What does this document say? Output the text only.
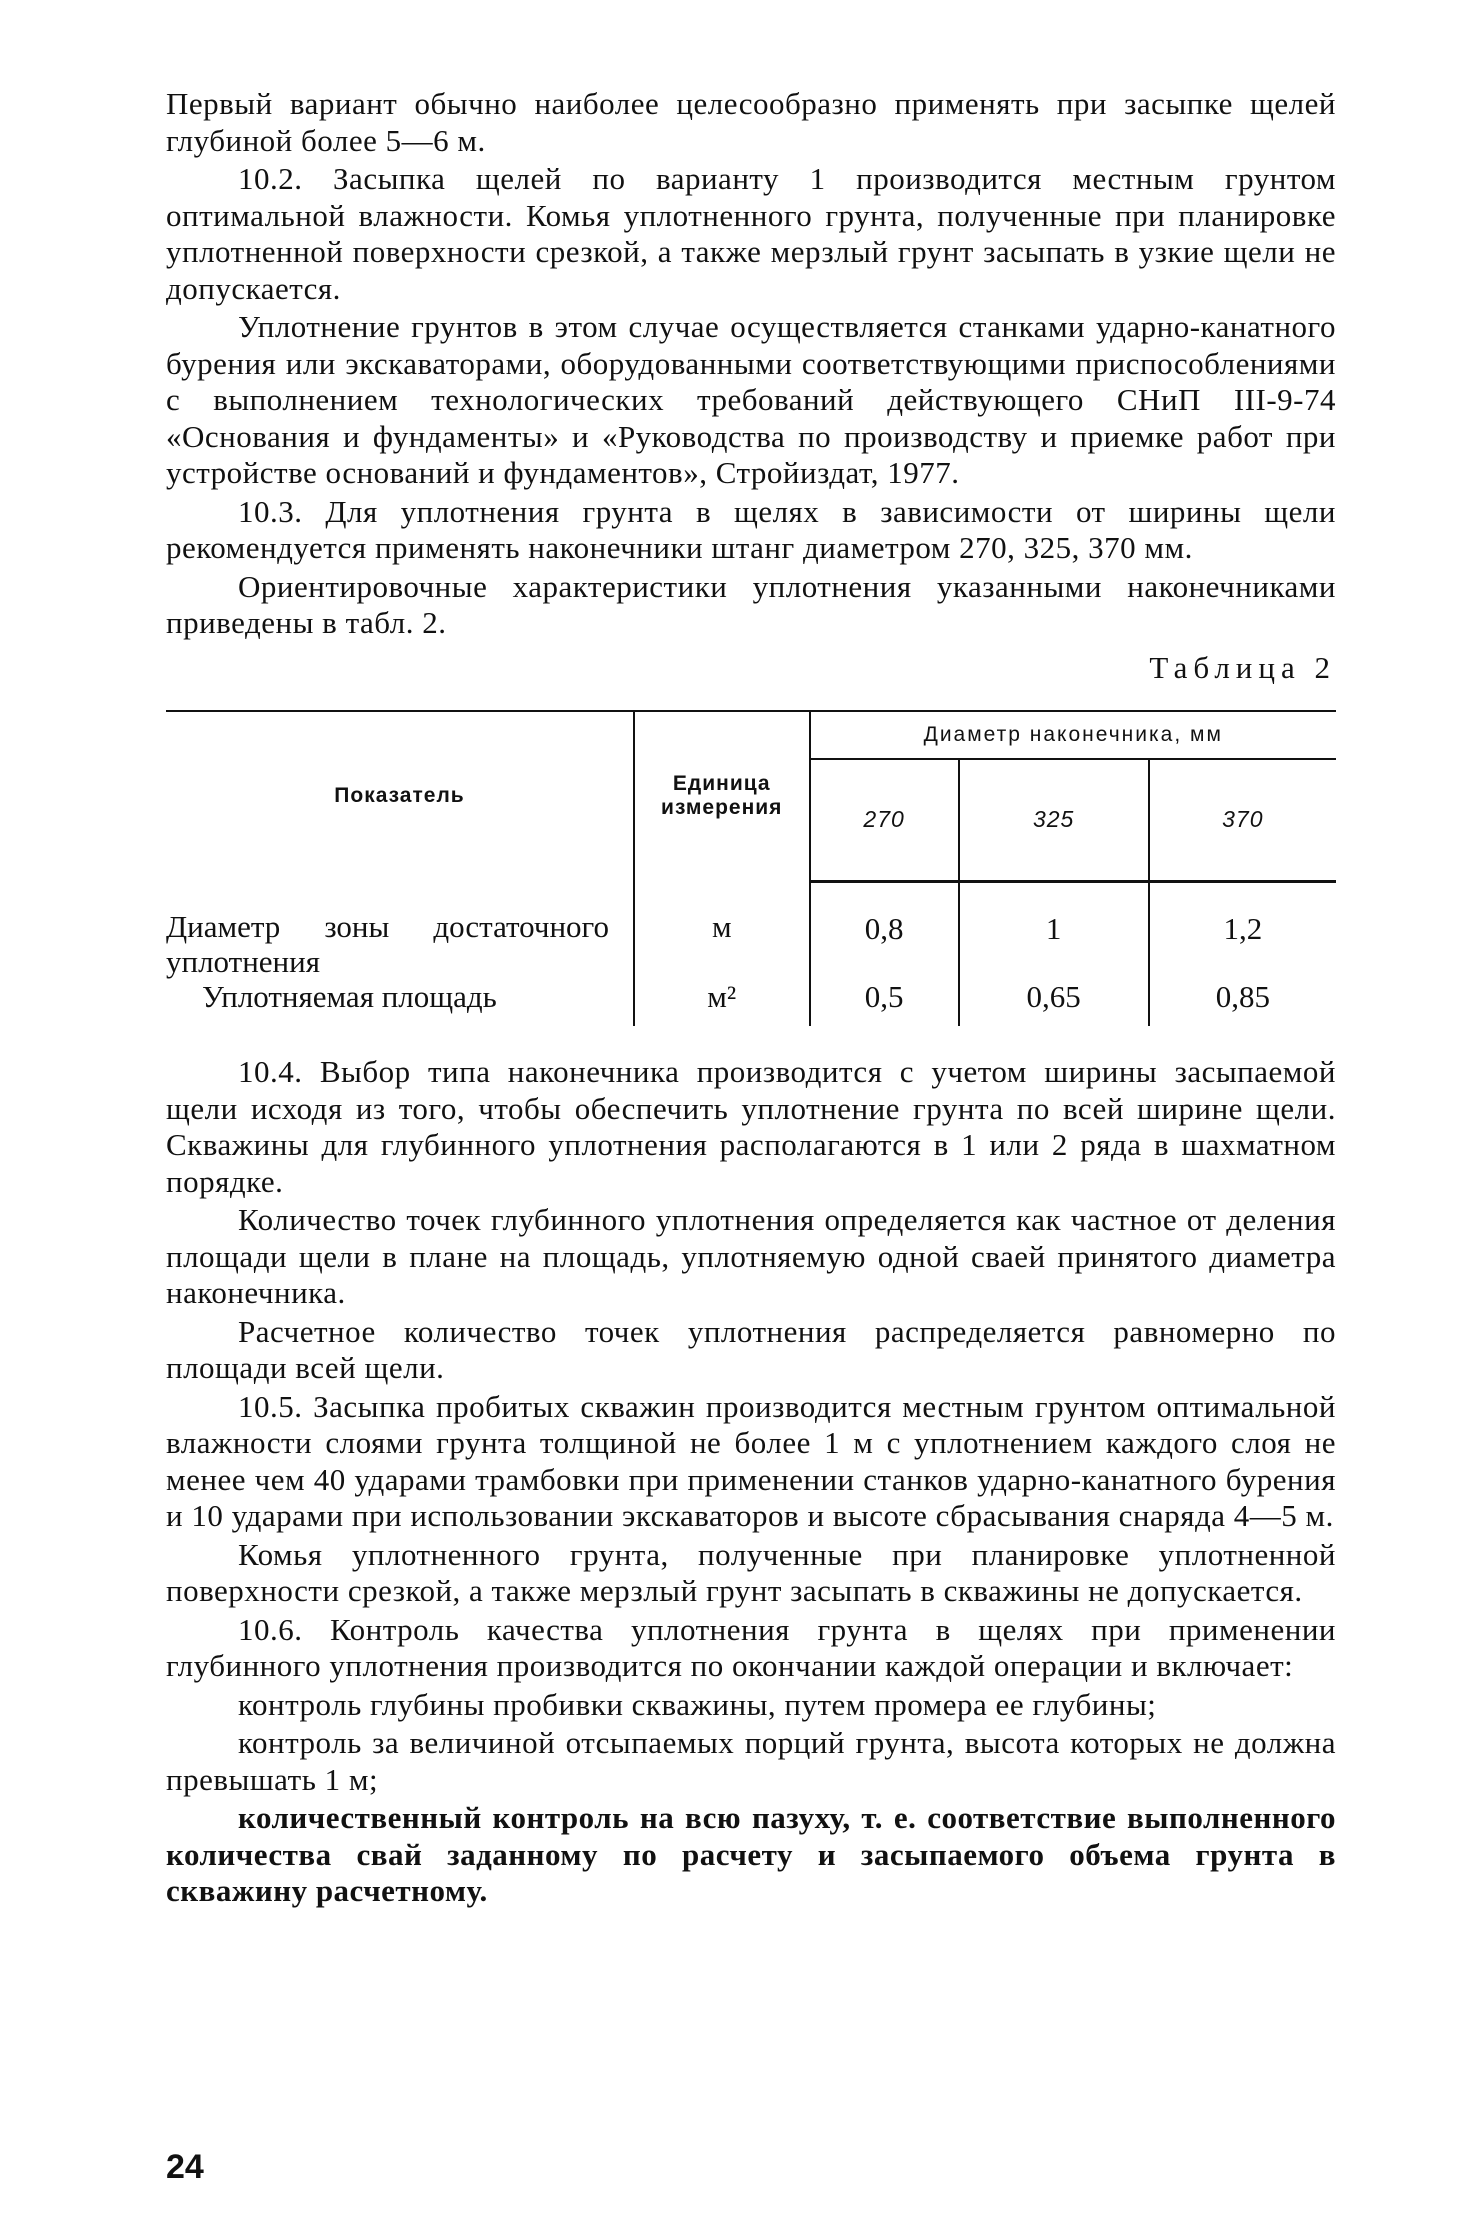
Первый вариант обычно наиболее целесообразно применять при засыпке щелей глубиной более 5—6 м.

10.2. Засыпка щелей по варианту 1 производится местным грунтом оптимальной влажности. Комья уплотненного грунта, полученные при планировке уплотненной поверхности срезкой, а также мерзлый грунт засыпать в узкие щели не допускается.

Уплотнение грунтов в этом случае осуществляется станками ударно-канатного бурения или экскаваторами, оборудованными соответствующими приспособлениями с выполнением технологических требований действующего СНиП III-9-74 «Основания и фундаменты» и «Руководства по производству и приемке работ при устройстве оснований и фундаментов», Стройиздат, 1977.

10.3. Для уплотнения грунта в щелях в зависимости от ширины щели рекомендуется применять наконечники штанг диаметром 270, 325, 370 мм.

Ориентировочные характеристики уплотнения указанными наконечниками приведены в табл. 2.

Таблица 2
Показатель	Единица измерения	Диаметр наконечника, мм		
		270	325	370

Диаметр зоны достаточного уплотнения	м	0,8	1	1,2
Уплотняемая площадь	м²	0,5	0,65	0,85

10.4. Выбор типа наконечника производится с учетом ширины засыпаемой щели исходя из того, чтобы обеспечить уплотнение грунта по всей ширине щели. Скважины для глубинного уплотнения располагаются в 1 или 2 ряда в шахматном порядке.

Количество точек глубинного уплотнения определяется как частное от деления площади щели в плане на площадь, уплотняемую одной сваей принятого диаметра наконечника.

Расчетное количество точек уплотнения распределяется равномерно по площади всей щели.

10.5. Засыпка пробитых скважин производится местным грунтом оптимальной влажности слоями грунта толщиной не более 1 м с уплотнением каждого слоя не менее чем 40 ударами трамбовки при применении станков ударно-канатного бурения и 10 ударами при использовании экскаваторов и высоте сбрасывания снаряда 4—5 м.

Комья уплотненного грунта, полученные при планировке уплотненной поверхности срезкой, а также мерзлый грунт засыпать в скважины не допускается.

10.6. Контроль качества уплотнения грунта в щелях при применении глубинного уплотнения производится по окончании каждой операции и включает:

контроль глубины пробивки скважины, путем промера ее глубины;

контроль за величиной отсыпаемых порций грунта, высота которых не должна превышать 1 м;

количественный контроль на всю пазуху, т. е. соответствие выполненного количества свай заданному по расчету и засыпаемого объема грунта в скважину расчетному.

24
